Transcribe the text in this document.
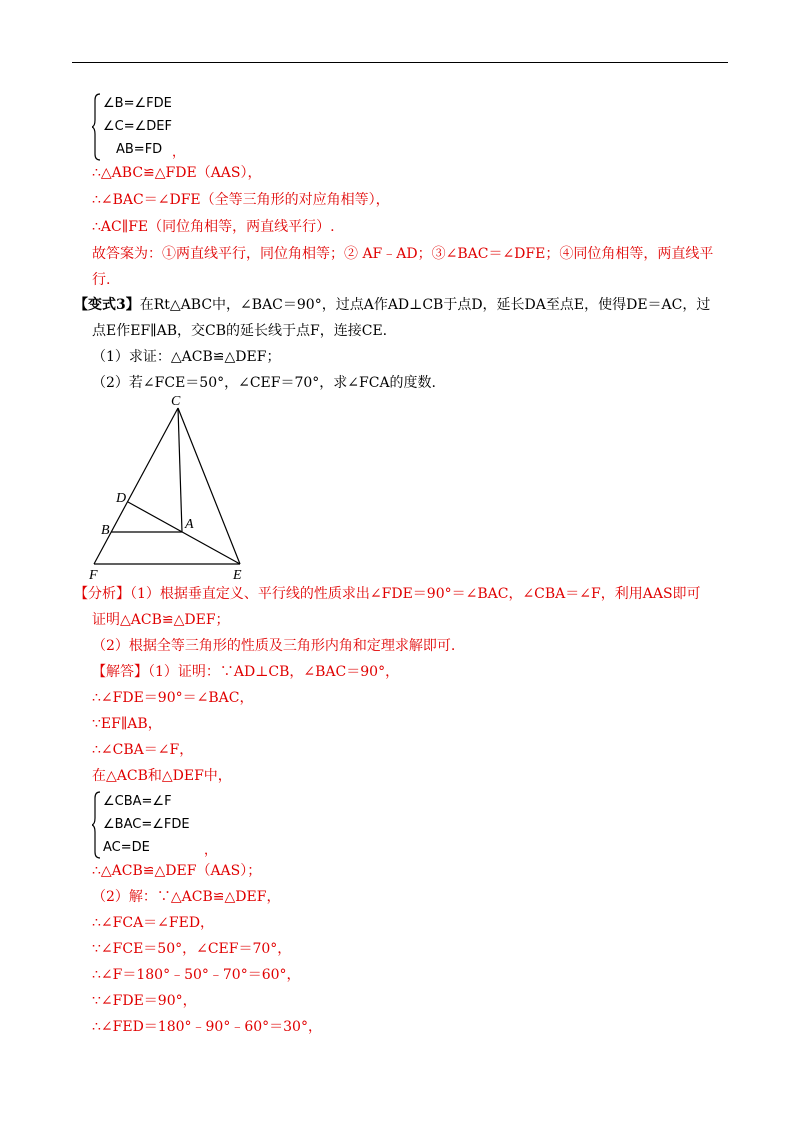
∠B=∠FDE
∠C=∠DEF
AB=FD ，
∴△ABC≌△FDE（AAS），
∴∠BAC＝∠DFE（全等三角形的对应角相等），
∴AC∥FE（同位角相等，两直线平行）.
故答案为：①两直线平行，同位角相等；② AF﹣AD；③∠BAC＝∠DFE；④同位角相等，两直线平
行.
【变式3】在Rt△ABC中，∠BAC＝90°，过点A作AD⊥CB于点D，延长DA至点E，使得DE＝AC，过
点E作EF∥AB，交CB的延长线于点F，连接CE.
（1）求证：△ACB≌△DEF；
（2）若∠FCE＝50°，∠CEF＝70°，求∠FCA的度数.
C
D
B	A
F	E
【分析】（1）根据垂直定义、平行线的性质求出∠FDE＝90°＝∠BAC，∠CBA＝∠F，利用AAS即可
证明△ACB≌△DEF；
（2）根据全等三角形的性质及三角形内角和定理求解即可.
【解答】（1）证明：∵AD⊥CB，∠BAC＝90°，
∴∠FDE＝90°＝∠BAC，
∵EF∥AB，
∴∠CBA＝∠F，
在△ACB和△DEF中，
∠CBA=∠F
∠BAC=∠FDE
AC=DE	，
∴△ACB≌△DEF（AAS）；
（2）解：∵△ACB≌△DEF，
∴∠FCA＝∠FED，
∵∠FCE＝50°，∠CEF＝70°，
∴∠F＝180°﹣50°﹣70°＝60°，
∵∠FDE＝90°，
∴∠FED＝180°﹣90°﹣60°＝30°，
